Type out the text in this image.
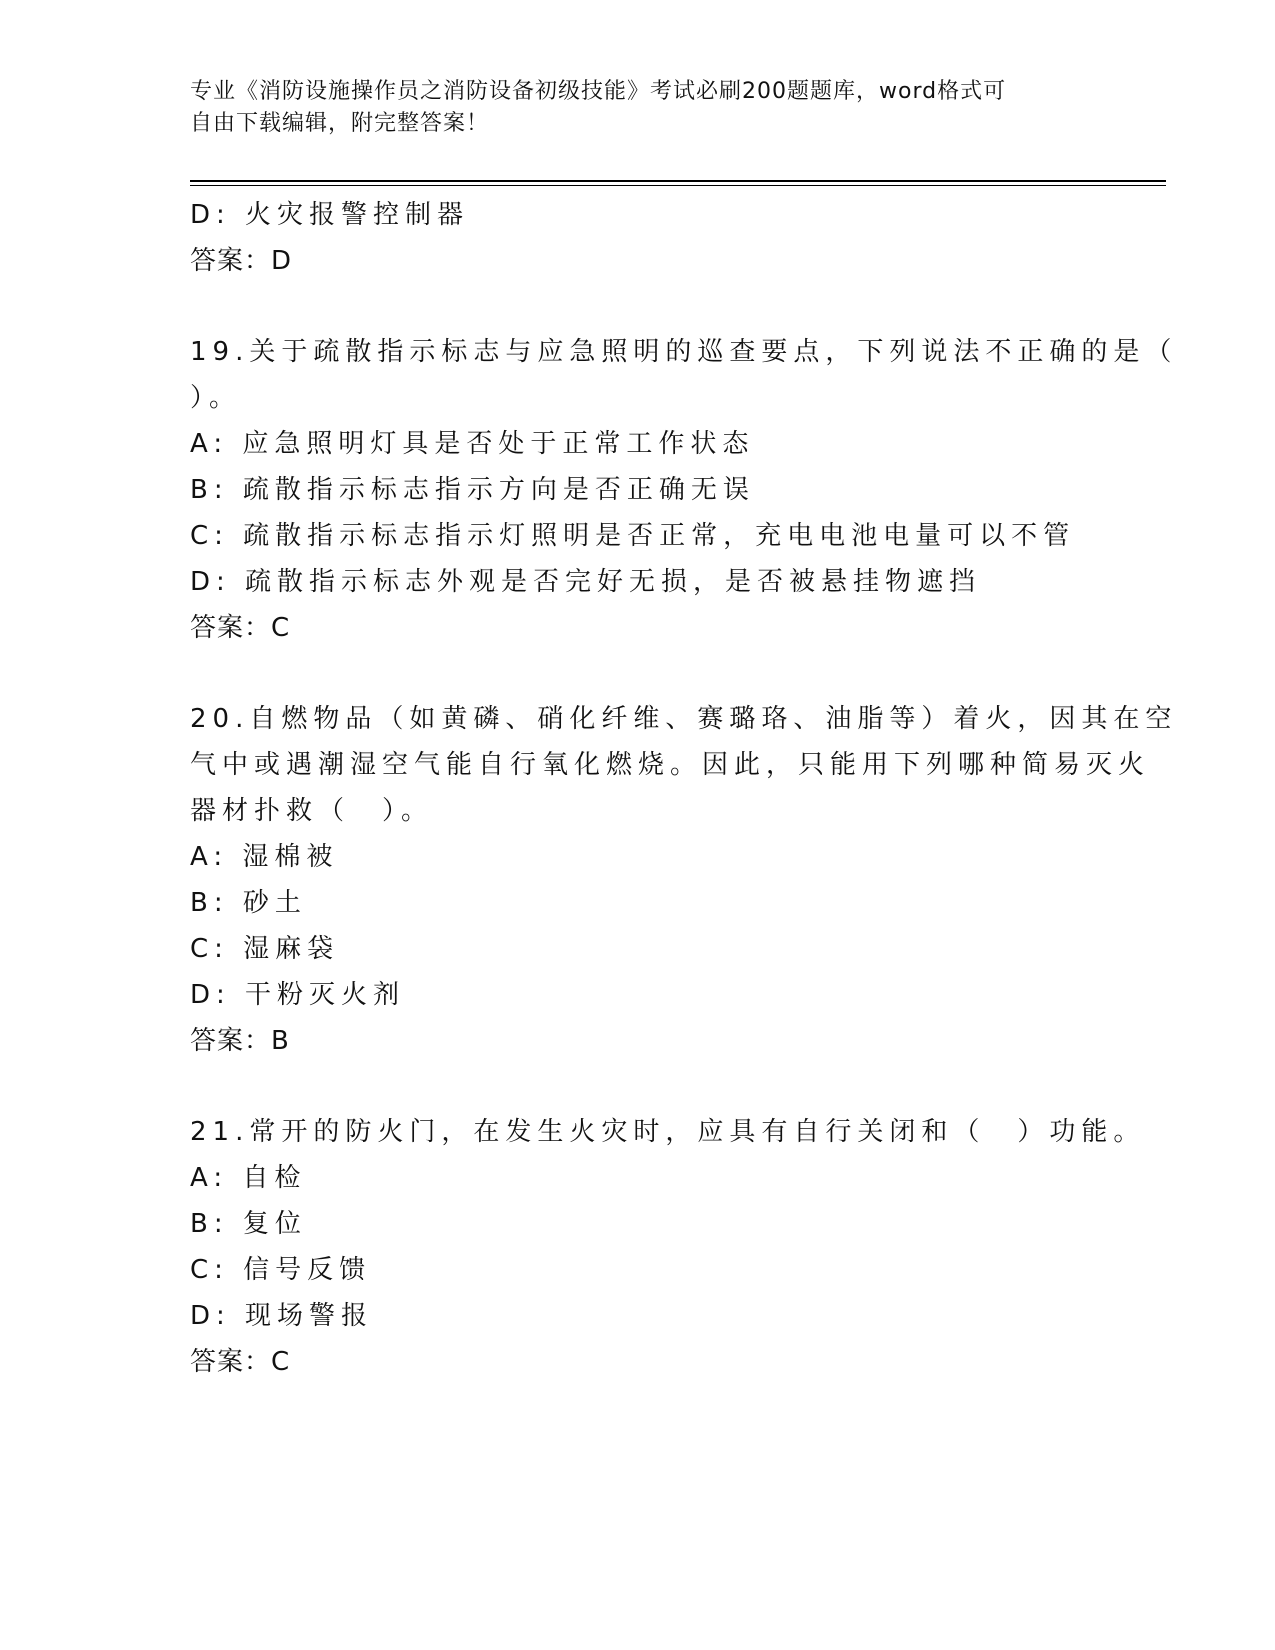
专业《消防设施操作员之消防设备初级技能》考试必刷200题题库，word格式可
自由下载编辑，附完整答案！
D: 火灾报警控制器
答案：D
19.关于疏散指示标志与应急照明的巡查要点，下列说法不正确的是（
）。
A: 应急照明灯具是否处于正常工作状态
B: 疏散指示标志指示方向是否正确无误
C: 疏散指示标志指示灯照明是否正常，充电电池电量可以不管
D: 疏散指示标志外观是否完好无损，是否被悬挂物遮挡
答案：C
20.自燃物品（如黄磷、硝化纤维、赛璐珞、油脂等）着火，因其在空
气中或遇潮湿空气能自行氧化燃烧。因此，只能用下列哪种简易灭火
器材扑救（　）。
A: 湿棉被
B: 砂土
C: 湿麻袋
D: 干粉灭火剂
答案：B
21.常开的防火门，在发生火灾时，应具有自行关闭和（　）功能。
A: 自检
B: 复位
C: 信号反馈
D: 现场警报
答案：C
